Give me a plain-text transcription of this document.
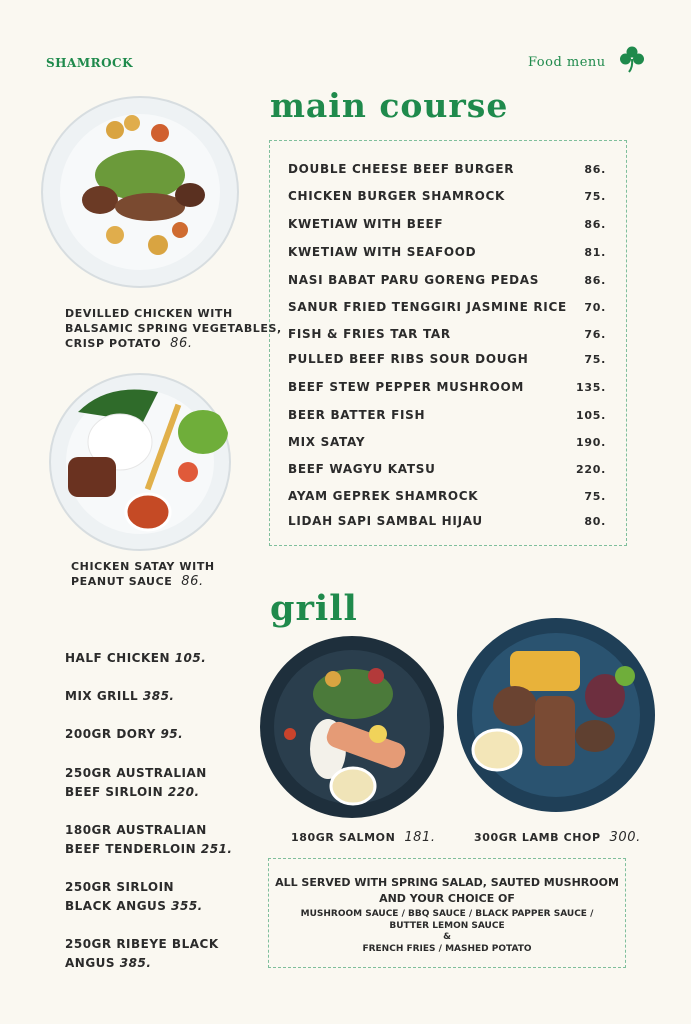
SHAMROCK	Food menu
main course
DOUBLE CHEESE BEEF BURGER	86.
CHICKEN BURGER SHAMROCK	75.
KWETIAW WITH BEEF	86.
KWETIAW WITH SEAFOOD	81.
NASI BABAT PARU GORENG PEDAS	86.
SANUR FRIED TENGGIRI JASMINE RICE 70.
FISH & FRIES TAR TAR	76.
PULLED BEEF RIBS SOUR DOUGH	75.
BEEF STEW PEPPER MUSHROOM	135.
BEER BATTER FISH	105.
MIX SATAY	190.
BEEF WAGYU KATSU	220.
AYAM GEPREK SHAMROCK	75.
LIDAH SAPI SAMBAL HIJAU	80.
DEVILLED CHICKEN WITH
BALSAMIC SPRING VEGETABLES,
CRISP POTATO 86.
CHICKEN SATAY WITH
PEANUT SAUCE 86.
grill
HALF CHICKEN 105.
MIX GRILL 385.
200GR DORY 95.
250GR AUSTRALIAN
BEEF SIRLOIN 220.
180GR AUSTRALIAN
BEEF TENDERLOIN 251.
250GR SIRLOIN
BLACK ANGUS 355.
250GR RIBEYE BLACK
ANGUS 385.
180GR SALMON 181.	300GR LAMB CHOP 300.
ALL SERVED WITH SPRING SALAD, SAUTED MUSHROOM
AND YOUR CHOICE OF
MUSHROOM SAUCE / BBQ SAUCE / BLACK PAPPER SAUCE /
BUTTER LEMON SAUCE
&
FRENCH FRIES / MASHED POTATO
